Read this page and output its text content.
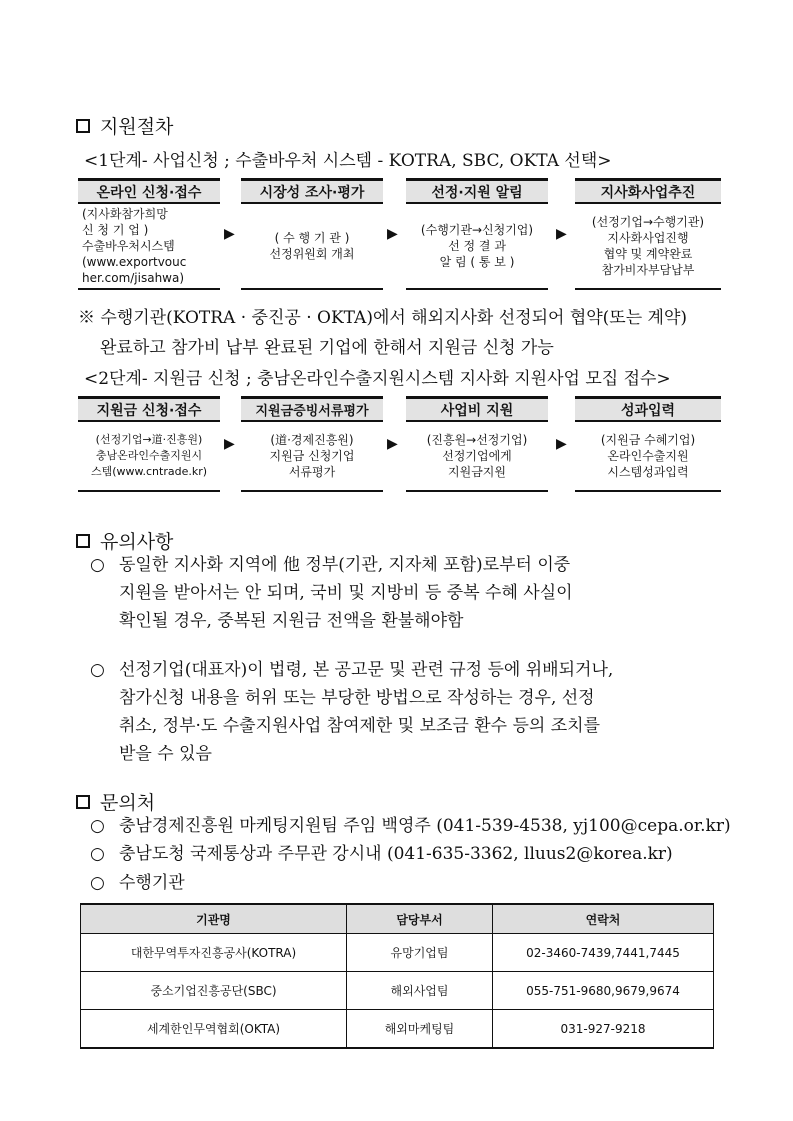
지원절차
<1단계- 사업신청 ; 수출바우처 시스템 - KOTRA, SBC, OKTA 선택>
온라인 신청·접수
(지사화참가희망
신 청 기 업 )
수출바우처시스템
(www.exportvouc
her.com/jisahwa)
▶
시장성 조사·평가
( 수 행 기 관 )
선정위원회 개최
▶
선정·지원 알림
(수행기관→신청기업)
선 정 결 과
알 림 ( 통 보 )
▶
지사화사업추진
(선정기업→수행기관)
지사화사업진행
협약 및 계약완료
참가비자부담납부
※ 수행기관(KOTRA · 중진공 · OKTA)에서 해외지사화 선정되어 협약(또는 계약)
완료하고 참가비 납부 완료된 기업에 한해서 지원금 신청 가능
<2단계- 지원금 신청 ; 충남온라인수출지원시스템 지사화 지원사업 모집 접수>
지원금 신청·접수
(선정기업→道·진흥원)
충남온라인수출지원시
스템(www.cntrade.kr)
▶
지원금증빙서류평가
(道·경제진흥원)
지원금 신청기업
서류평가
▶
사업비 지원
(진흥원→선정기업)
선정기업에게
지원금지원
▶
성과입력
(지원금 수혜기업)
온라인수출지원
시스템성과입력
유의사항
○ 동일한 지사화 지역에 他 정부(기관, 지자체 포함)로부터 이중
지원을 받아서는 안 되며, 국비 및 지방비 등 중복 수혜 사실이
확인될 경우, 중복된 지원금 전액을 환불해야함
○ 선정기업(대표자)이 법령, 본 공고문 및 관련 규정 등에 위배되거나,
참가신청 내용을 허위 또는 부당한 방법으로 작성하는 경우, 선정
취소, 정부·도 수출지원사업 참여제한 및 보조금 환수 등의 조치를
받을 수 있음
문의처
○ 충남경제진흥원 마케팅지원팀 주임 백영주 (041-539-4538, yj100@cepa.or.kr)
○ 충남도청 국제통상과 주무관 강시내 (041-635-3362, lluus2@korea.kr)
○ 수행기관
기관명	담당부서	연락처
대한무역투자진흥공사(KOTRA)	유망기업팀	02-3460-7439,7441,7445
중소기업진흥공단(SBC)	해외사업팀	055-751-9680,9679,9674
세계한인무역협회(OKTA)	해외마케팅팀	031-927-9218
